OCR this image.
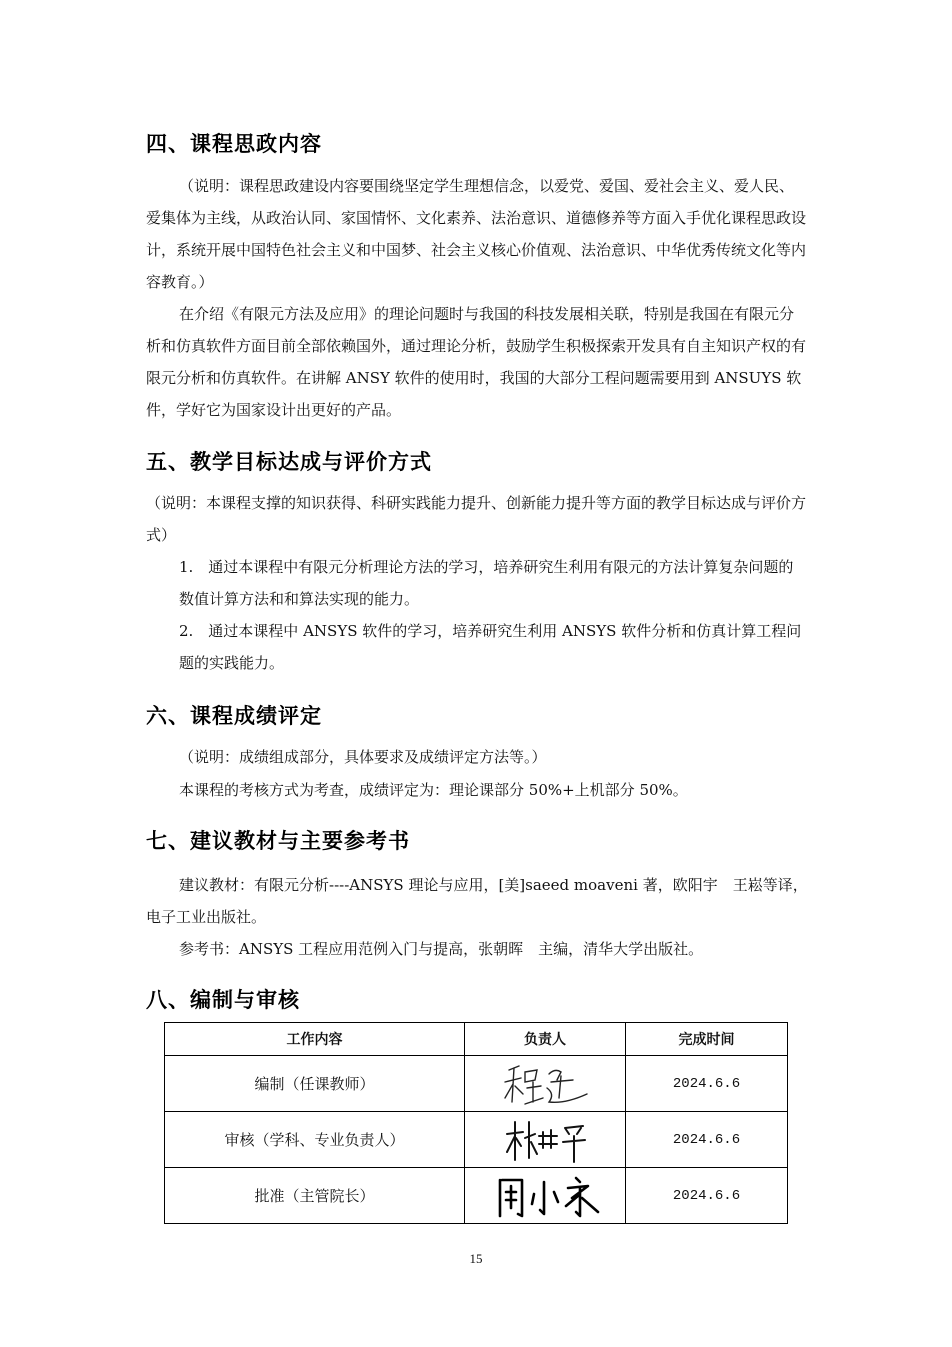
四、课程思政内容

（说明：课程思政建设内容要围绕坚定学生理想信念，以爱党、爱国、爱社会主义、爱人民、爱集体为主线，从政治认同、家国情怀、文化素养、法治意识、道德修养等方面入手优化课程思政设计，系统开展中国特色社会主义和中国梦、社会主义核心价值观、法治意识、中华优秀传统文化等内容教育。）

在介绍《有限元方法及应用》的理论问题时与我国的科技发展相关联，特别是我国在有限元分析和仿真软件方面目前全部依赖国外，通过理论分析，鼓励学生积极探索开发具有自主知识产权的有限元分析和仿真软件。在讲解 ANSY 软件的使用时，我国的大部分工程问题需要用到 ANSUYS 软件，学好它为国家设计出更好的产品。

五、教学目标达成与评价方式

（说明：本课程支撑的知识获得、科研实践能力提升、创新能力提升等方面的教学目标达成与评价方式）

1.　通过本课程中有限元分析理论方法的学习，培养研究生利用有限元的方法计算复杂问题的数值计算方法和和算法实现的能力。

2.　通过本课程中 ANSYS 软件的学习，培养研究生利用 ANSYS 软件分析和仿真计算工程问题的实践能力。

六、课程成绩评定

（说明：成绩组成部分，具体要求及成绩评定方法等。）

本课程的考核方式为考查，成绩评定为：理论课部分 50%+上机部分 50%。

七、建议教材与主要参考书

建议教材：有限元分析----ANSYS 理论与应用，[美]saeed moaveni 著，欧阳宇　王崧等译，电子工业出版社。

参考书：ANSYS 工程应用范例入门与提高，张朝晖　主编，清华大学出版社。

八、编制与审核
工作内容	负责人	完成时间
编制（任课教师）		2024.6.6
审核（学科、专业负责人）		2024.6.6
批准（主管院长）		2024.6.6
15
